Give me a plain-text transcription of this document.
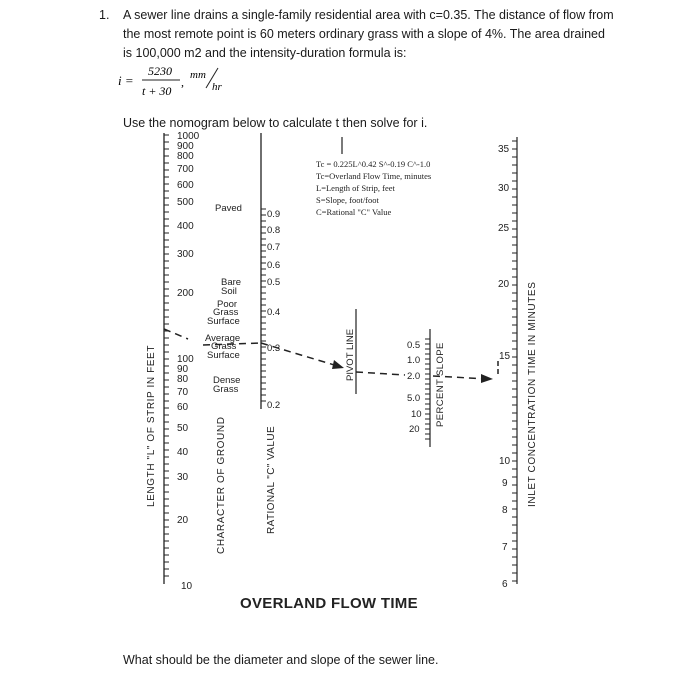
1. A sewer line drains a single-family residential area with c=0.35. The distance of flow from the most remote point is 60 meters ordinary grass with a slope of 4%. The area drained is 100,000 m2 and the intensity-duration formula is:
i =
5230
t + 30
, mm
hr
Use the nomogram below to calculate t then solve for i.
1000
900
800
700
600
500
400
300
200
100
90
80
70
60
50
40
30
20
10
LENGTH "L" OF STRIP IN FEET
Paved
Bare
Soil
Poor
Grass
Surface
Average
Grass
Surface
Dense
Grass
CHARACTER OF GROUND
0.9
0.8
0.7
0.6
0.5
0.4
0.3
0.2
RATIONAL "C" VALUE
Tc = 0.225L^0.42 S^-0.19 C^-1.0
Tc=Overland Flow Time, minutes
L=Length of Strip, feet
S=Slope, foot/foot
C=Rational "C" Value
PIVOT LINE	0.5
1.0
2.0
5.0
10
20
PERCENT SLOPE
35
30
25
20
15
10
9
8
7
6
INLET CONCENTRATION TIME IN MINUTES
OVERLAND FLOW TIME
What should be the diameter and slope of the sewer line.
